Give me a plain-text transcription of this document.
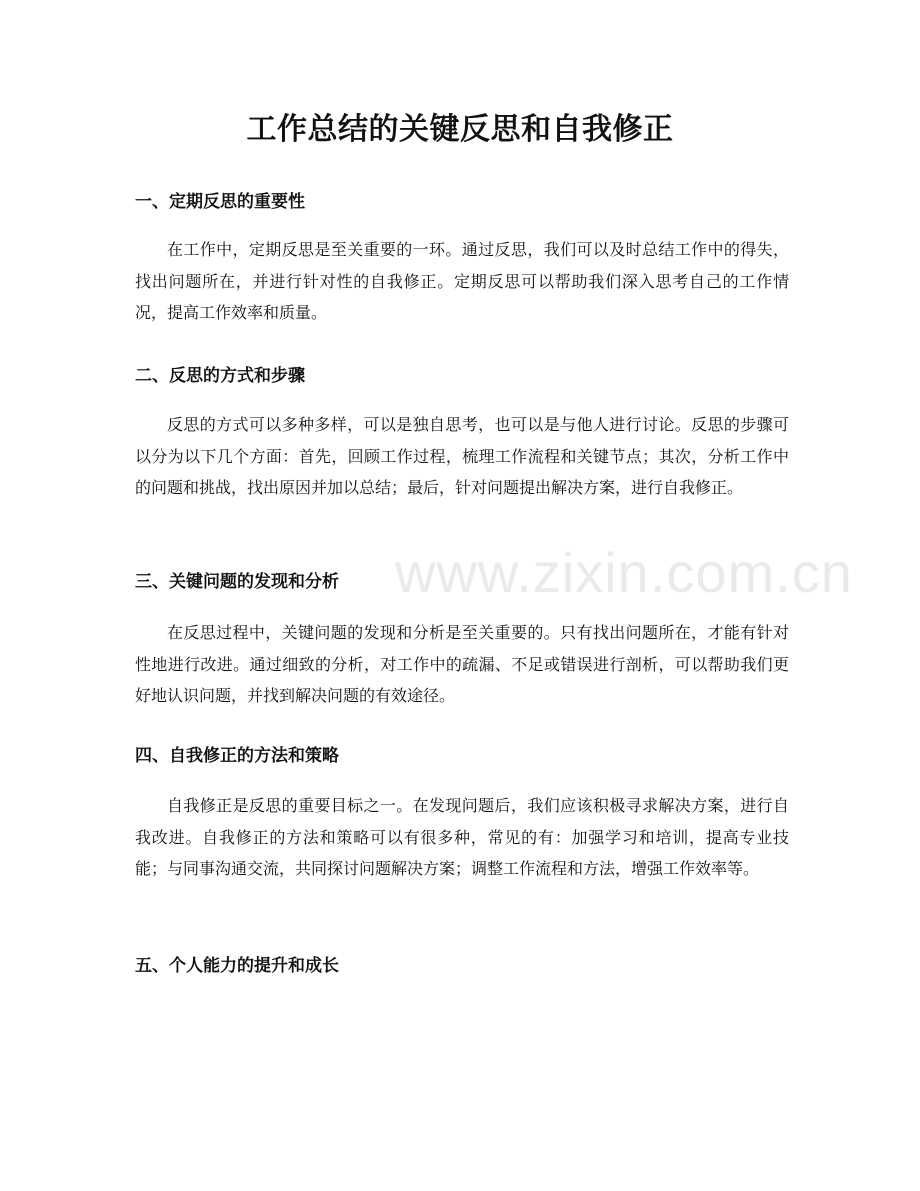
工作总结的关键反思和自我修正
一、定期反思的重要性

在工作中，定期反思是至关重要的一环。通过反思，我们可以及时总结工作中的得失，找出问题所在，并进行针对性的自我修正。定期反思可以帮助我们深入思考自己的工作情况，提高工作效率和质量。

二、反思的方式和步骤

反思的方式可以多种多样，可以是独自思考，也可以是与他人进行讨论。反思的步骤可以分为以下几个方面：首先，回顾工作过程，梳理工作流程和关键节点；其次，分析工作中的问题和挑战，找出原因并加以总结；最后，针对问题提出解决方案，进行自我修正。

三、关键问题的发现和分析

在反思过程中，关键问题的发现和分析是至关重要的。只有找出问题所在，才能有针对性地进行改进。通过细致的分析，对工作中的疏漏、不足或错误进行剖析，可以帮助我们更好地认识问题，并找到解决问题的有效途径。

四、自我修正的方法和策略

自我修正是反思的重要目标之一。在发现问题后，我们应该积极寻求解决方案，进行自我改进。自我修正的方法和策略可以有很多种，常见的有：加强学习和培训，提高专业技能；与同事沟通交流，共同探讨问题解决方案；调整工作流程和方法，增强工作效率等。

五、个人能力的提升和成长
www.zixin.com.cn
